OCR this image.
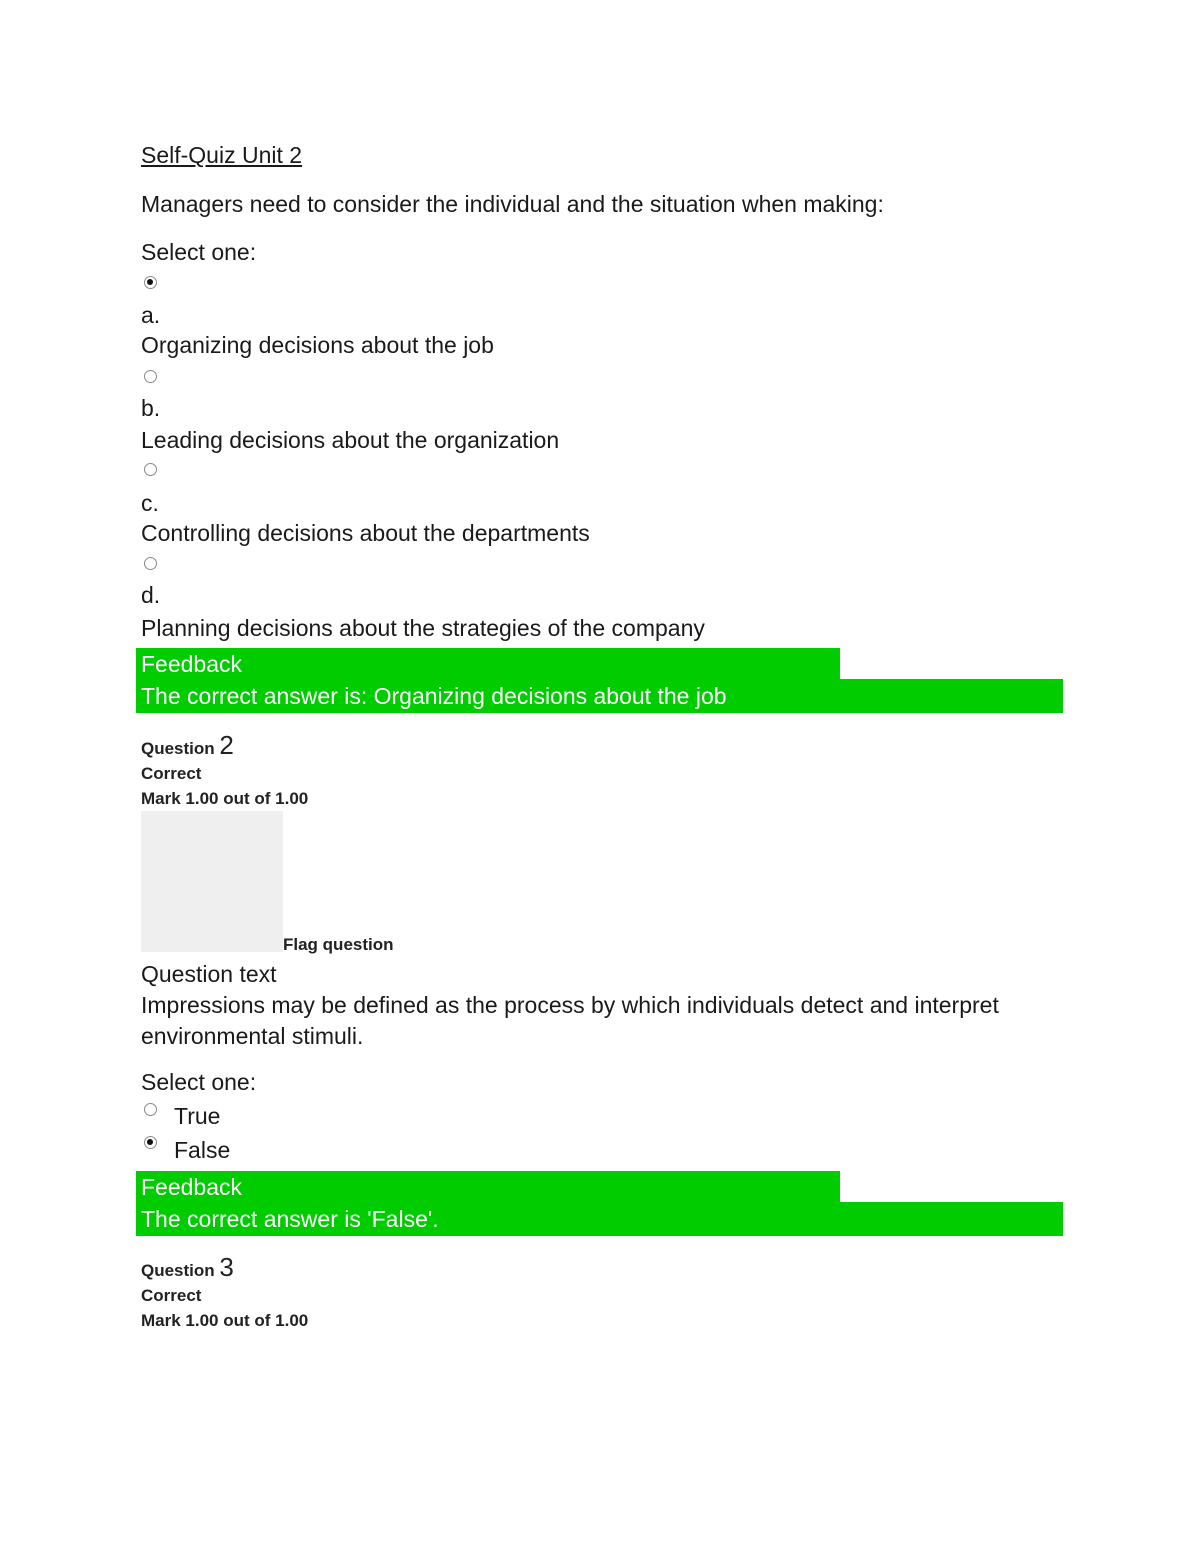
Self-Quiz Unit 2
Managers need to consider the individual and the situation when making:
Select one:
a.
Organizing decisions about the job
b.
Leading decisions about the organization
c.
Controlling decisions about the departments
d.
Planning decisions about the strategies of the company
Feedback
The correct answer is: Organizing decisions about the job
Question 2
Correct
Mark 1.00 out of 1.00
Flag question
Question text
Impressions may be defined as the process by which individuals detect and interpret
environmental stimuli.
Select one:
True
False
Feedback
The correct answer is 'False'.
Question 3
Correct
Mark 1.00 out of 1.00
